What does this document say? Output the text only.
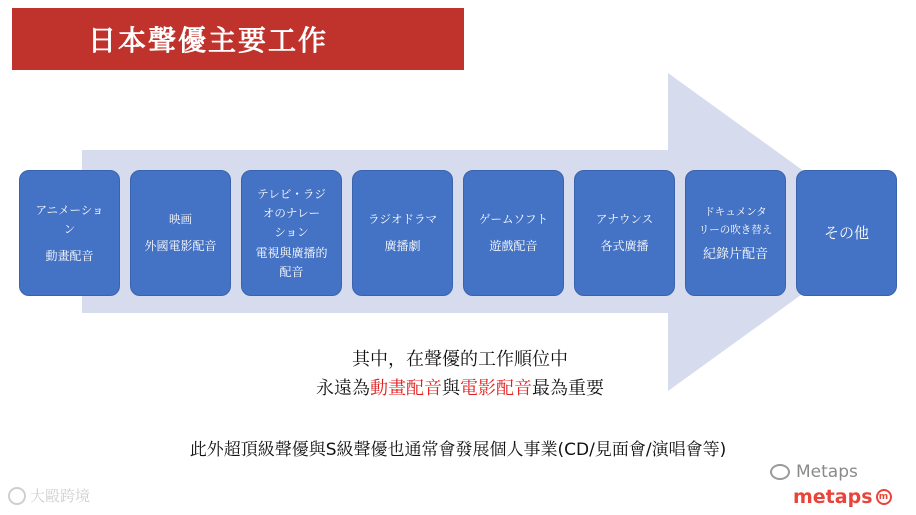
日本聲優主要工作
アニメーショ
ン
動畫配音
映画
外國電影配音
テレビ・ラジ
オのナレー
ション
電視與廣播的
配音
ラジオドラマ
廣播劇
ゲームソフト
遊戲配音
アナウンス
各式廣播
ドキュメンタ
リーの吹き替え
紀錄片配音
その他
其中，在聲優的工作順位中
永遠為動畫配音與電影配音最為重要
此外超頂級聲優與S級聲優也通常會發展個人事業(CD/見面會/演唱會等)
大毆跨境
Metaps
metaps m
